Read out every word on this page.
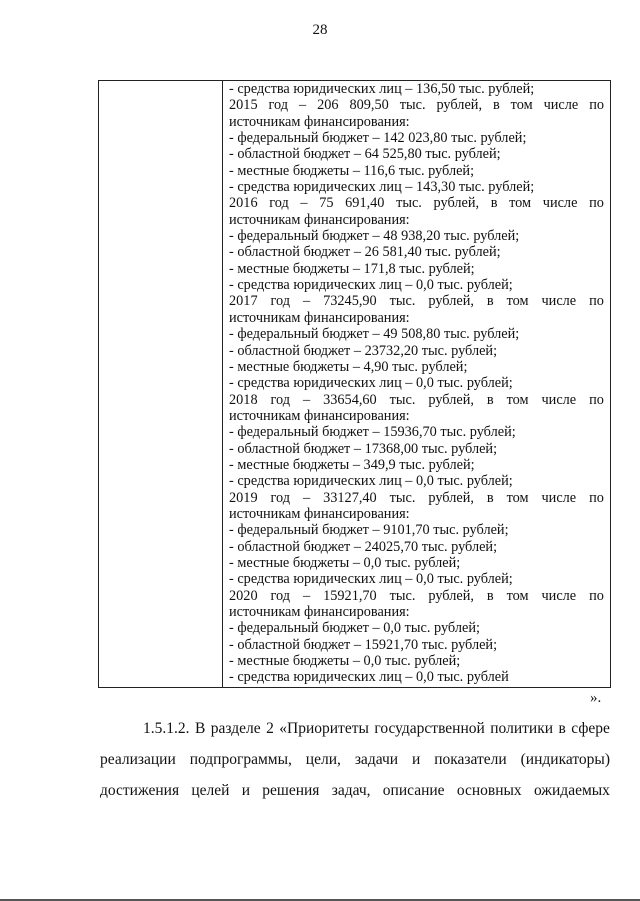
28
- средства юридических лиц – 136,50 тыс. рублей;
2015 год – 206 809,50 тыс. рублей, в том числе по
источникам финансирования:
- федеральный бюджет – 142 023,80 тыс. рублей;
- областной бюджет – 64 525,80 тыс. рублей;
- местные бюджеты – 116,6 тыс. рублей;
- средства юридических лиц – 143,30 тыс. рублей;
2016 год – 75 691,40 тыс. рублей, в том числе по
источникам финансирования:
- федеральный бюджет – 48 938,20 тыс. рублей;
- областной бюджет – 26 581,40 тыс. рублей;
- местные бюджеты – 171,8 тыс. рублей;
- средства юридических лиц – 0,0 тыс. рублей;
2017 год – 73245,90 тыс. рублей, в том числе по
источникам финансирования:
- федеральный бюджет – 49 508,80 тыс. рублей;
- областной бюджет – 23732,20 тыс. рублей;
- местные бюджеты – 4,90 тыс. рублей;
- средства юридических лиц – 0,0 тыс. рублей;
2018 год – 33654,60 тыс. рублей, в том числе по
источникам финансирования:
- федеральный бюджет – 15936,70 тыс. рублей;
- областной бюджет – 17368,00 тыс. рублей;
- местные бюджеты – 349,9 тыс. рублей;
- средства юридических лиц – 0,0 тыс. рублей;
2019 год – 33127,40 тыс. рублей, в том числе по
источникам финансирования:
- федеральный бюджет – 9101,70 тыс. рублей;
- областной бюджет – 24025,70 тыс. рублей;
- местные бюджеты – 0,0 тыс. рублей;
- средства юридических лиц – 0,0 тыс. рублей;
2020 год – 15921,70 тыс. рублей, в том числе по
источникам финансирования:
- федеральный бюджет – 0,0 тыс. рублей;
- областной бюджет – 15921,70 тыс. рублей;
- местные бюджеты – 0,0 тыс. рублей;
- средства юридических лиц – 0,0 тыс. рублей
».
1.5.1.2. В разделе 2 «Приоритеты государственной политики в сфере
реализации подпрограммы, цели, задачи и показатели (индикаторы)
достижения целей и решения задач, описание основных ожидаемых
